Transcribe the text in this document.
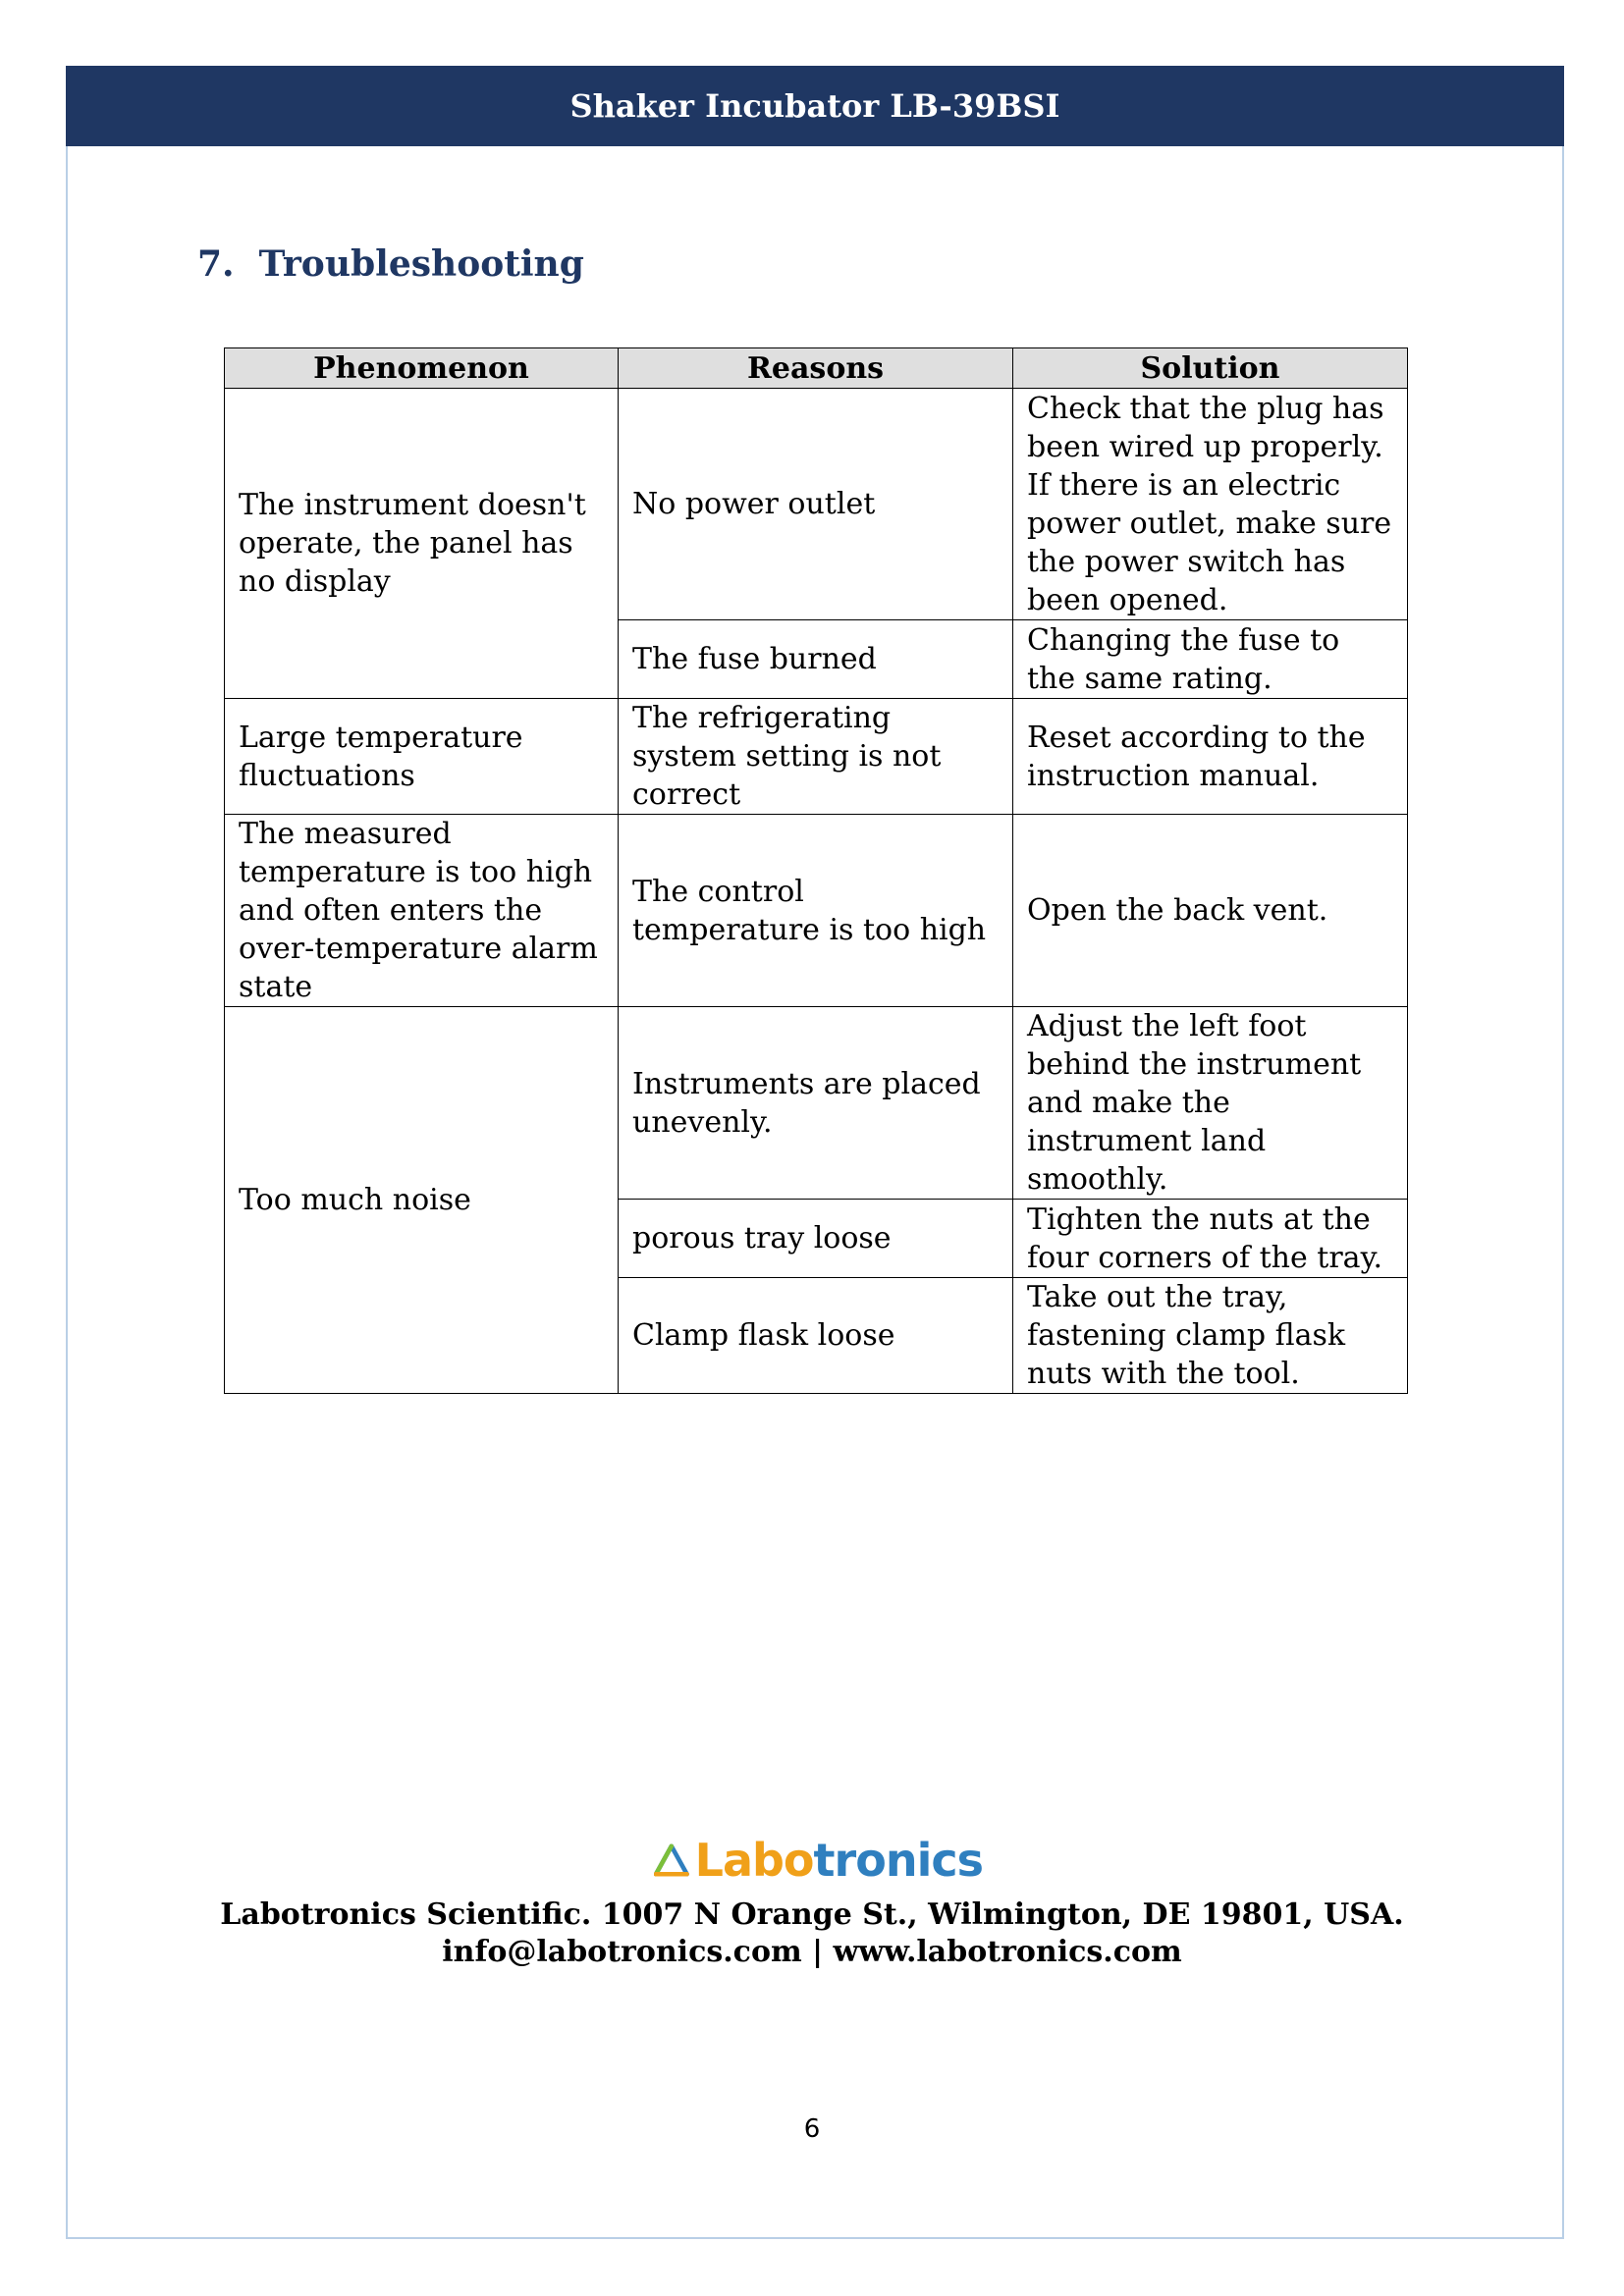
Shaker Incubator LB-39BSI
7. Troubleshooting
Phenomenon	Reasons	Solution
The instrument doesn't operate, the panel has no display	No power outlet	Check that the plug has been wired up properly. If there is an electric power outlet, make sure the power switch has been opened.
	The fuse burned	Changing the fuse to the same rating.
Large temperature fluctuations	The refrigerating system setting is not correct	Reset according to the instruction manual.
The measured temperature is too high and often enters the over-temperature alarm state	The control temperature is too high	Open the back vent.
Too much noise	Instruments are placed unevenly.	Adjust the left foot behind the instrument and make the instrument land smoothly.
	porous tray loose	Tighten the nuts at the four corners of the tray.
	Clamp flask loose	Take out the tray, fastening clamp flask nuts with the tool.
Labotronics
Labotronics Scientific. 1007 N Orange St., Wilmington, DE 19801, USA.
info@labotronics.com | www.labotronics.com
6
